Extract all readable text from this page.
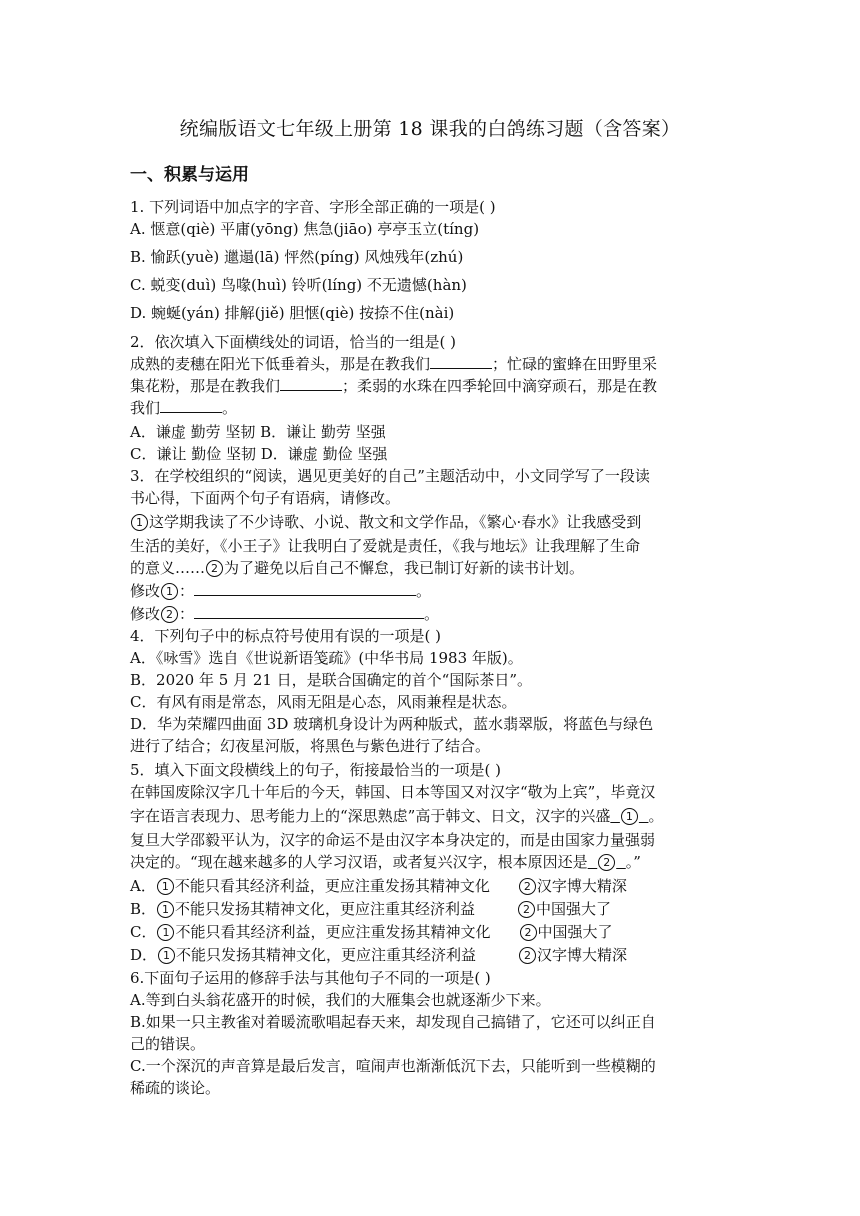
统编版语文七年级上册第 18 课我的白鸽练习题（含答案）
一、积累与运用
1. 下列词语中加点字的字音、字形全部正确的一项是( )
A. 惬意(qiè) 平庸(yōng) 焦急(jiāo) 亭亭玉立(tíng)
B. 愉跃(yuè) 邋遢(lā) 怦然(píng) 风烛残年(zhú)
C. 蜕变(duì) 鸟喙(huì) 铃听(líng) 不无遗憾(hàn)
D. 蜿蜒(yán) 排解(jiě) 胆惬(qiè) 按捺不住(nài)
2．依次填入下面横线处的词语，恰当的一组是( )
成熟的麦穗在阳光下低垂着头，那是在教我们	；忙碌的蜜蜂在田野里采
集花粉，那是在教我们	；柔弱的水珠在四季轮回中滴穿顽石，那是在教
我们	。
A．谦虚 勤劳 坚韧 B．谦让 勤劳 坚强
C．谦让 勤俭 坚韧 D．谦虚 勤俭 坚强
3．在学校组织的“阅读，遇见更美好的自己”主题活动中，小文同学写了一段读
书心得，下面两个句子有语病，请修改。
1 这学期我读了不少诗歌、小说、散文和文学作品，《繁心·春水》让我感受到
生活的美好，《小王子》让我明白了爱就是责任，《我与地坛》让我理解了生命
的意义…… 2 为了避免以后自己不懈怠，我已制订好新的读书计划。
修改 1 ：	。
修改 2 ：	。
4．下列句子中的标点符号使用有误的一项是( )
A．《咏雪》选自《世说新语笺疏》(中华书局 1983 年版)。
B．2020 年 5 月 21 日，是联合国确定的首个“国际茶日”。
C．有风有雨是常态，风雨无阻是心态，风雨兼程是状态。
D．华为荣耀四曲面 3D 玻璃机身设计为两种版式，蓝水翡翠版，将蓝色与绿色
进行了结合；幻夜星河版，将黑色与紫色进行了结合。
5．填入下面文段横线上的句子，衔接最恰当的一项是( )
在韩国废除汉字几十年后的今天，韩国、日本等国又对汉字“敬为上宾”，毕竟汉
字在语言表现力、思考能力上的“深思熟虑”高于韩文、日文，汉字的兴盛 1 。
复旦大学邵毅平认为，汉字的命运不是由汉字本身决定的，而是由国家力量强弱
决定的。“现在越来越多的人学习汉语，或者复兴汉字，根本原因还是 2 。”
A． 1 不能只看其经济利益，更应注重发扬其精神文化	2 汉字博大精深
B． 1 不能只发扬其精神文化，更应注重其经济利益	2 中国强大了
C． 1 不能只看其经济利益，更应注重发扬其精神文化	2 中国强大了
D． 1 不能只发扬其精神文化，更应注重其经济利益	2 汉字博大精深
6.下面句子运用的修辞手法与其他句子不同的一项是( )
A.等到白头翁花盛开的时候，我们的大雁集会也就逐渐少下来。
B.如果一只主教雀对着暖流歌唱起春天来，却发现自己搞错了，它还可以纠正自
己的错误。
C.一个深沉的声音算是最后发言，喧闹声也渐渐低沉下去，只能听到一些模糊的
稀疏的谈论。
